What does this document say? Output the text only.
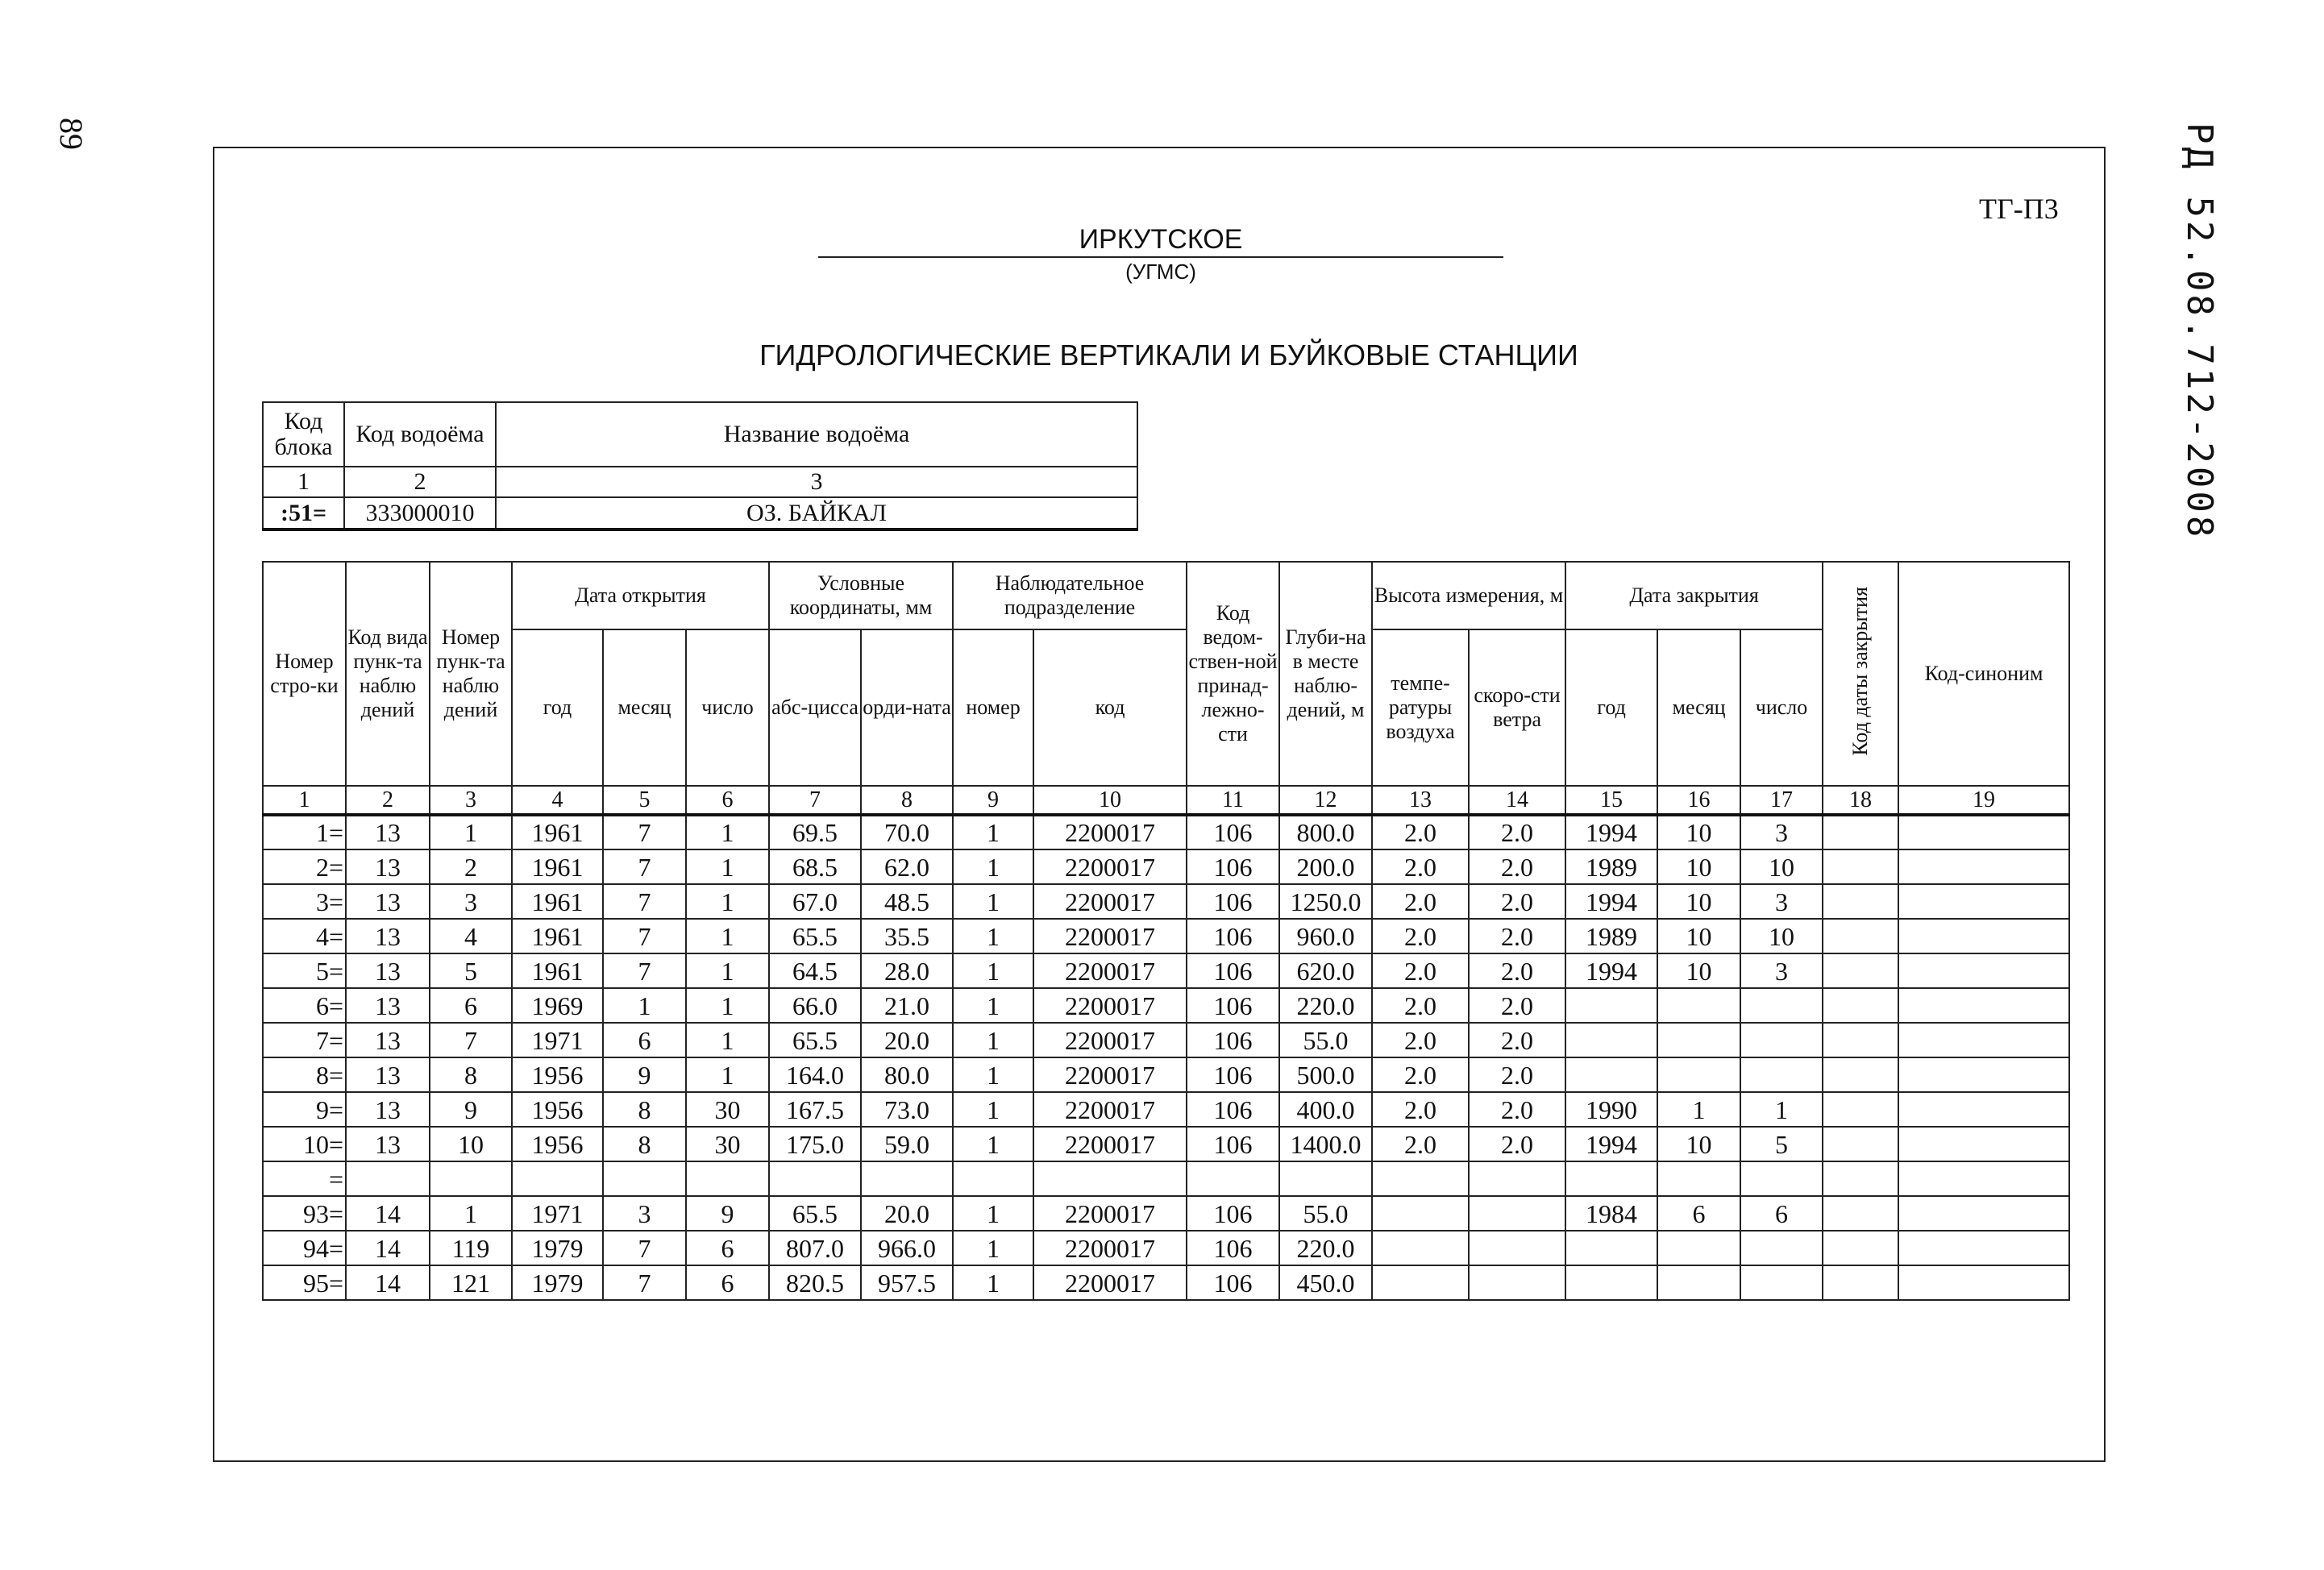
89	РД 52.08.712-2008
ТГ-П3
ИРКУТСКОЕ
(УГМС)
ГИДРОЛОГИЧЕСКИЕ ВЕРТИКАЛИ И БУЙКОВЫЕ СТАНЦИИ
Код блока	Код водоёма	Название водоёма
1	2	3
:51=	333000010	ОЗ. БАЙКАЛ
Номер стро-ки	Код вида пунк-та наблю дений	Номер пунк-та наблю дений	Дата открытия			Условные координаты, мм		Наблюдательное подразделение		Код ведом-ствен-ной принад-лежно-сти	Глуби-на в месте наблю-дений, м	Высота измерения, м		Дата закрытия			Код даты закрытия	Код-синоним
			год	месяц	число	абс-цисса	орди-ната	номер	код			темпе-ратуры воздуха	скоро-сти ветра	год	месяц	число		
1	2	3	4	5	6	7	8	9	10	11	12	13	14	15	16	17	18	19
1=	13	1	1961	7	1	69.5	70.0	1	2200017	106	800.0	2.0	2.0	1994	10	3		
2=	13	2	1961	7	1	68.5	62.0	1	2200017	106	200.0	2.0	2.0	1989	10	10		
3=	13	3	1961	7	1	67.0	48.5	1	2200017	106	1250.0	2.0	2.0	1994	10	3		
4=	13	4	1961	7	1	65.5	35.5	1	2200017	106	960.0	2.0	2.0	1989	10	10		
5=	13	5	1961	7	1	64.5	28.0	1	2200017	106	620.0	2.0	2.0	1994	10	3		
6=	13	6	1969	1	1	66.0	21.0	1	2200017	106	220.0	2.0	2.0					
7=	13	7	1971	6	1	65.5	20.0	1	2200017	106	55.0	2.0	2.0					
8=	13	8	1956	9	1	164.0	80.0	1	2200017	106	500.0	2.0	2.0					
9=	13	9	1956	8	30	167.5	73.0	1	2200017	106	400.0	2.0	2.0	1990	1	1		
10=	13	10	1956	8	30	175.0	59.0	1	2200017	106	1400.0	2.0	2.0	1994	10	5		
=																		
93=	14	1	1971	3	9	65.5	20.0	1	2200017	106	55.0			1984	6	6		
94=	14	119	1979	7	6	807.0	966.0	1	2200017	106	220.0							
95=	14	121	1979	7	6	820.5	957.5	1	2200017	106	450.0							
